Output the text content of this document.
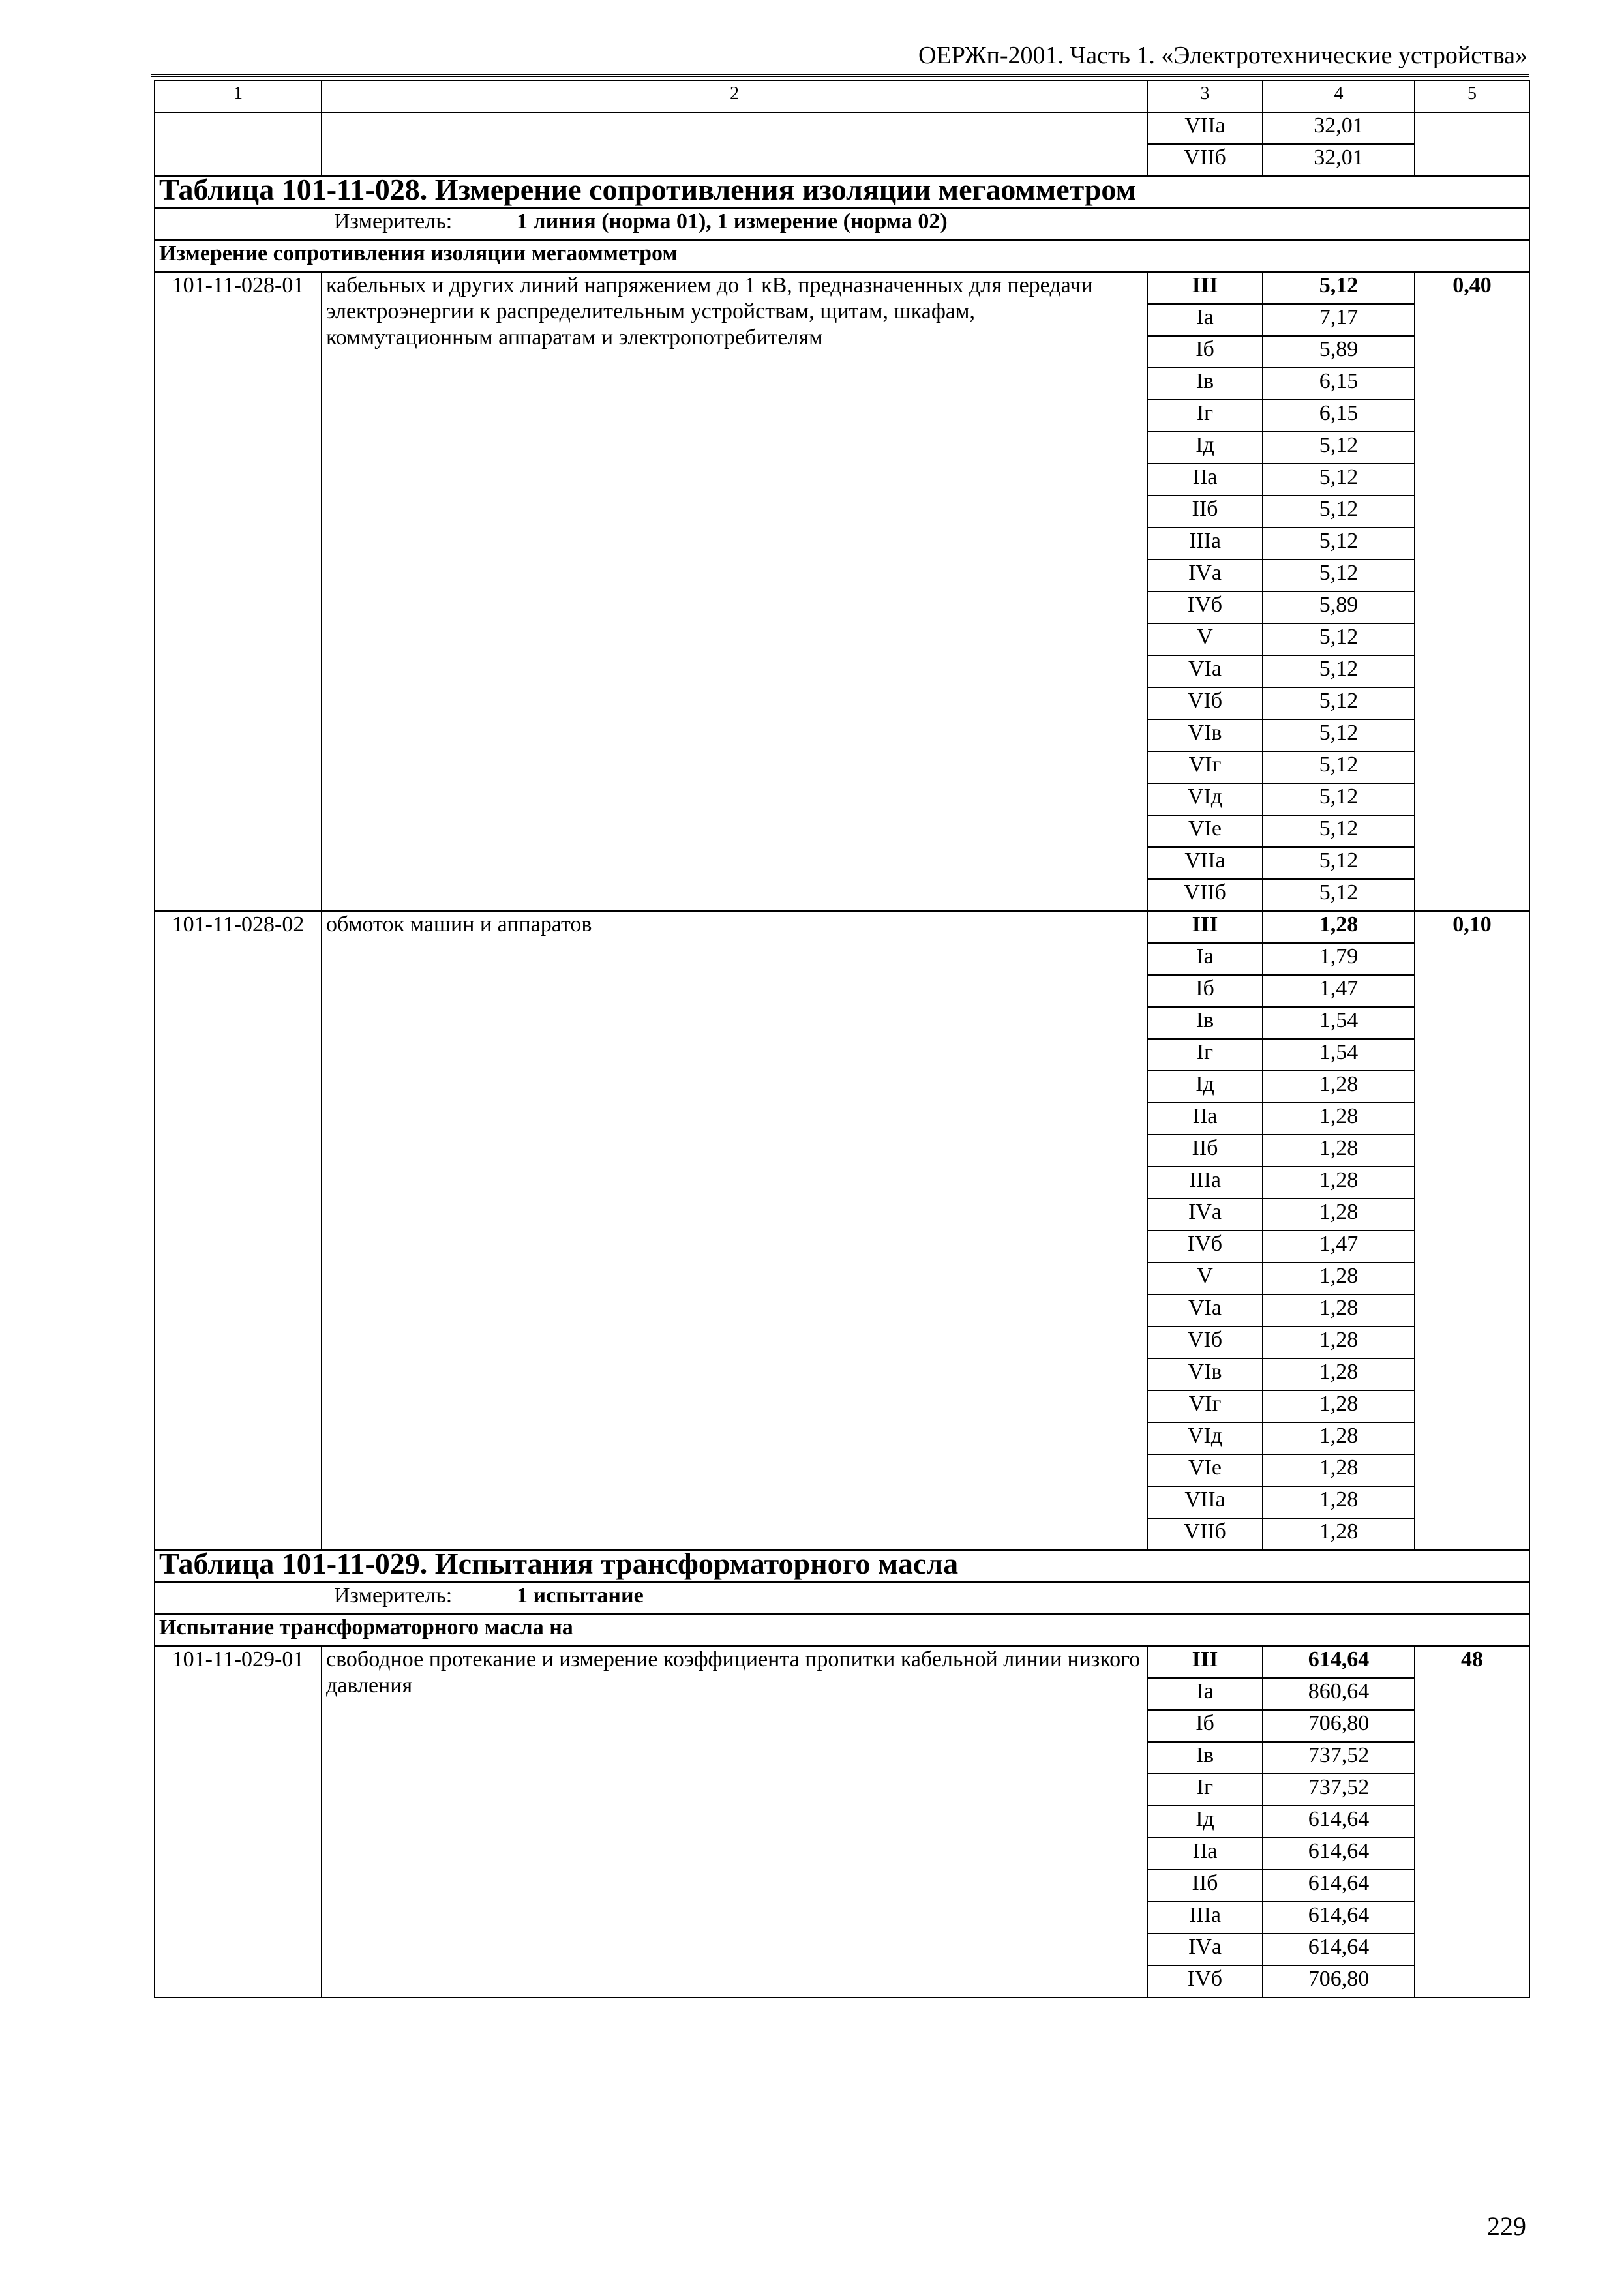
ОЕРЖп-2001. Часть 1. «Электротехнические устройства»
1	2	3	4	5
		VIIа	32,01	
		VIIб	32,01	
Таблица 101-11-028. Измерение сопротивления изоляции мегаомметром				

Измеритель: 1 линия (норма 01), 1 измерение (норма 02)				

Измерение сопротивления изоляции мегаомметром				
101-11-028-01	кабельных и других линий напряжением до 1 кВ, предназначенных для передачи электроэнергии к распределительным устройствам, щитам, шкафам, коммутационным аппаратам и электропотребителям	III	5,12	0,40
		Iа	7,17	
		Iб	5,89	
		Iв	6,15	
		Iг	6,15	
		Iд	5,12	
		IIа	5,12	
		IIб	5,12	
		IIIа	5,12	
		IVа	5,12	
		IVб	5,89	
		V	5,12	
		VIа	5,12	
		VIб	5,12	
		VIв	5,12	
		VIг	5,12	
		VIд	5,12	
		VIе	5,12	
		VIIа	5,12	
		VIIб	5,12	
101-11-028-02	обмоток машин и аппаратов	III	1,28	0,10
		Iа	1,79	
		Iб	1,47	
		Iв	1,54	
		Iг	1,54	
		Iд	1,28	
		IIа	1,28	
		IIб	1,28	
		IIIа	1,28	
		IVа	1,28	
		IVб	1,47	
		V	1,28	
		VIа	1,28	
		VIб	1,28	
		VIв	1,28	
		VIг	1,28	
		VIд	1,28	
		VIе	1,28	
		VIIа	1,28	
		VIIб	1,28	
Таблица 101-11-029. Испытания трансформаторного масла				

Измеритель: 1 испытание				

Испытание трансформаторного масла на				
101-11-029-01	свободное протекание и измерение коэффициента пропитки кабельной линии низкого давления	III	614,64	48
		Iа	860,64	
		Iб	706,80	
		Iв	737,52	
		Iг	737,52	
		Iд	614,64	
		IIа	614,64	
		IIб	614,64	
		IIIа	614,64	
		IVа	614,64	
		IVб	706,80	
229
